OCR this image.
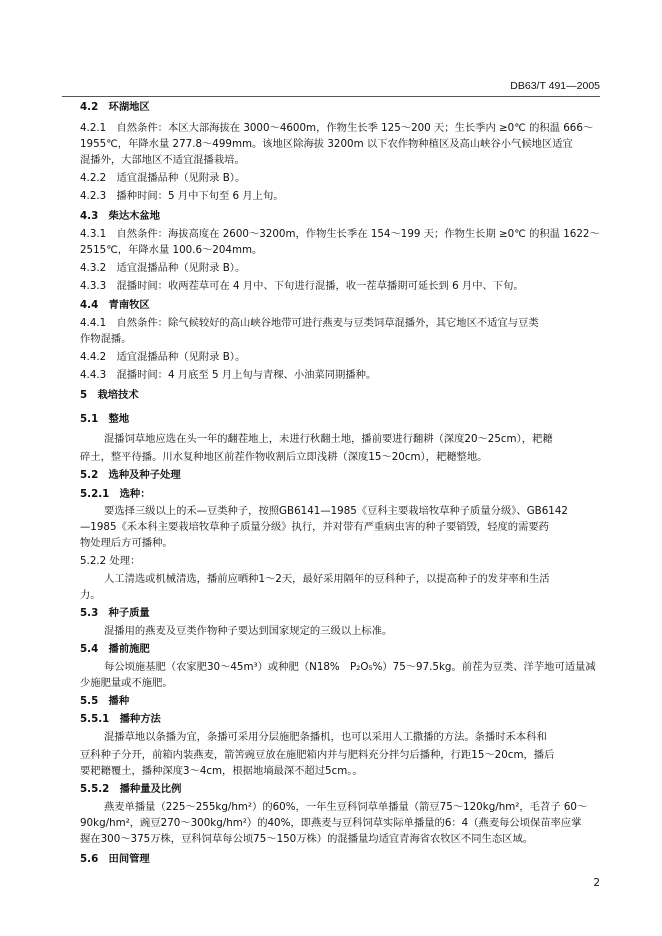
DB63/T 491—2005
4.2　环湖地区
4.2.1　自然条件：本区大部海拔在 3000～4600m，作物生长季 125～200 天；生长季内 ≥0℃ 的积温 666～
1955℃，年降水量 277.8～499mm。该地区除海拔 3200m 以下农作物种植区及高山峡谷小气候地区适宜
混播外，大部地区不适宜混播栽培。
4.2.2　适宜混播品种（见附录 B）。
4.2.3　播种时间：5 月中下旬至 6 月上旬。
4.3　柴达木盆地
4.3.1　自然条件：海拔高度在 2600～3200m，作物生长季在 154～199 天；作物生长期 ≥0℃ 的积温 1622～
2515℃，年降水量 100.6～204mm。
4.3.2　适宜混播品种（见附录 B）。
4.3.3　混播时间：收两茬草可在 4 月中、下旬进行混播，收一茬草播期可延长到 6 月中、下旬。
4.4　青南牧区
4.4.1　自然条件：除气候较好的高山峡谷地带可进行燕麦与豆类饲草混播外，其它地区不适宜与豆类
作物混播。
4.4.2　适宜混播品种（见附录 B）。
4.4.3　混播时间：4 月底至 5 月上旬与青稞、小油菜同期播种。
5　栽培技术
5.1　整地
混播饲草地应选在头一年的翻茬地上，未进行秋翻土地，播前要进行翻耕（深度20～25cm），耙耱
碎土，整平待播。川水复种地区前茬作物收割后立即浅耕（深度15～20cm），耙耱整地。
5.2　选种及种子处理
5.2.1　选种：
要选择三级以上的禾—豆类种子，按照GB6141—1985《豆科主要栽培牧草种子质量分级》、GB6142
—1985《禾本科主要栽培牧草种子质量分级》执行，并对带有严重病虫害的种子要销毁，轻度的需要药
物处理后方可播种。
5.2.2 处理：
人工清选或机械清选，播前应晒种1～2天，最好采用隔年的豆科种子，以提高种子的发芽率和生活
力。
5.3　种子质量
混播用的燕麦及豆类作物种子要达到国家规定的三级以上标准。
5.4　播前施肥
每公顷施基肥（农家肥30～45m³）或种肥（N18%　P₂O₅%）75～97.5kg。前茬为豆类、洋芋地可适量减
少施肥量或不施肥。
5.5　播种
5.5.1　播种方法
混播草地以条播为宜，条播可采用分层施肥条播机，也可以采用人工撒播的方法。条播时禾本科和
豆科种子分开，前箱内装燕麦，箭筈豌豆放在施肥箱内并与肥料充分拌匀后播种，行距15～20cm，播后
要耙耱覆土，播种深度3～4cm，根据地墒最深不超过5cm。。
5.5.2　播种量及比例
燕麦单播量（225～255kg/hm²）的60%，一年生豆科饲草单播量（箭豆75～120kg/hm²，毛苕子 60～
90kg/hm²，豌豆270～300kg/hm²）的40%，即燕麦与豆科饲草实际单播量的6：4（燕麦每公顷保苗率应掌
握在300～375万株，豆科饲草每公顷75～150万株）的混播量均适宜青海省农牧区不同生态区域。
5.6　田间管理
2
